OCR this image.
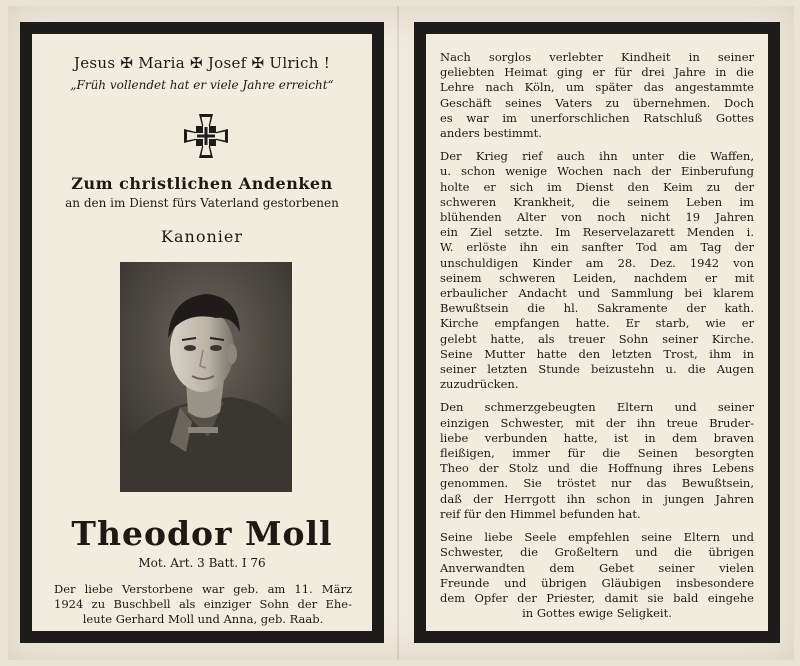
Jesus ✠ Maria ✠ Josef ✠ Ulrich !
„Früh vollendet hat er viele Jahre erreicht“
Zum christlichen Andenken
an den im Dienst fürs Vaterland gestorbenen
Kanonier
Theodor Moll
Mot. Art. 3 Batt. I 76
Der liebe Verstorbene war geb. am 11. März
1924 zu Buschbell als einziger Sohn der Ehe-
leute Gerhard Moll und Anna, geb. Raab.
Nach sorglos verlebter Kindheit in seiner
geliebten Heimat ging er für drei Jahre in die
Lehre nach Köln, um später das angestammte
Geschäft seines Vaters zu übernehmen. Doch
es war im unerforschlichen Ratschluß Gottes
anders bestimmt.
Der Krieg rief auch ihn unter die Waffen,
u. schon wenige Wochen nach der Einberufung
holte er sich im Dienst den Keim zu der
schweren Krankheit, die seinem Leben im
blühenden Alter von noch nicht 19 Jahren
ein Ziel setzte. Im Reservelazarett Menden i.
W. erlöste ihn ein sanfter Tod am Tag der
unschuldigen Kinder am 28. Dez. 1942 von
seinem schweren Leiden, nachdem er mit
erbaulicher Andacht und Sammlung bei klarem
Bewußtsein die hl. Sakramente der kath.
Kirche empfangen hatte. Er starb, wie er
gelebt hatte, als treuer Sohn seiner Kirche.
Seine Mutter hatte den letzten Trost, ihm in
seiner letzten Stunde beizustehn u. die Augen
zuzudrücken.
Den schmerzgebeugten Eltern und seiner
einzigen Schwester, mit der ihn treue Bruder-
liebe verbunden hatte, ist in dem braven
fleißigen, immer für die Seinen besorgten
Theo der Stolz und die Hoffnung ihres Lebens
genommen. Sie tröstet nur das Bewußtsein,
daß der Herrgott ihn schon in jungen Jahren
reif für den Himmel befunden hat.
Seine liebe Seele empfehlen seine Eltern und
Schwester, die Großeltern und die übrigen
Anverwandten dem Gebet seiner vielen
Freunde und übrigen Gläubigen insbesondere
dem Opfer der Priester, damit sie bald eingehe
in Gottes ewige Seligkeit.
